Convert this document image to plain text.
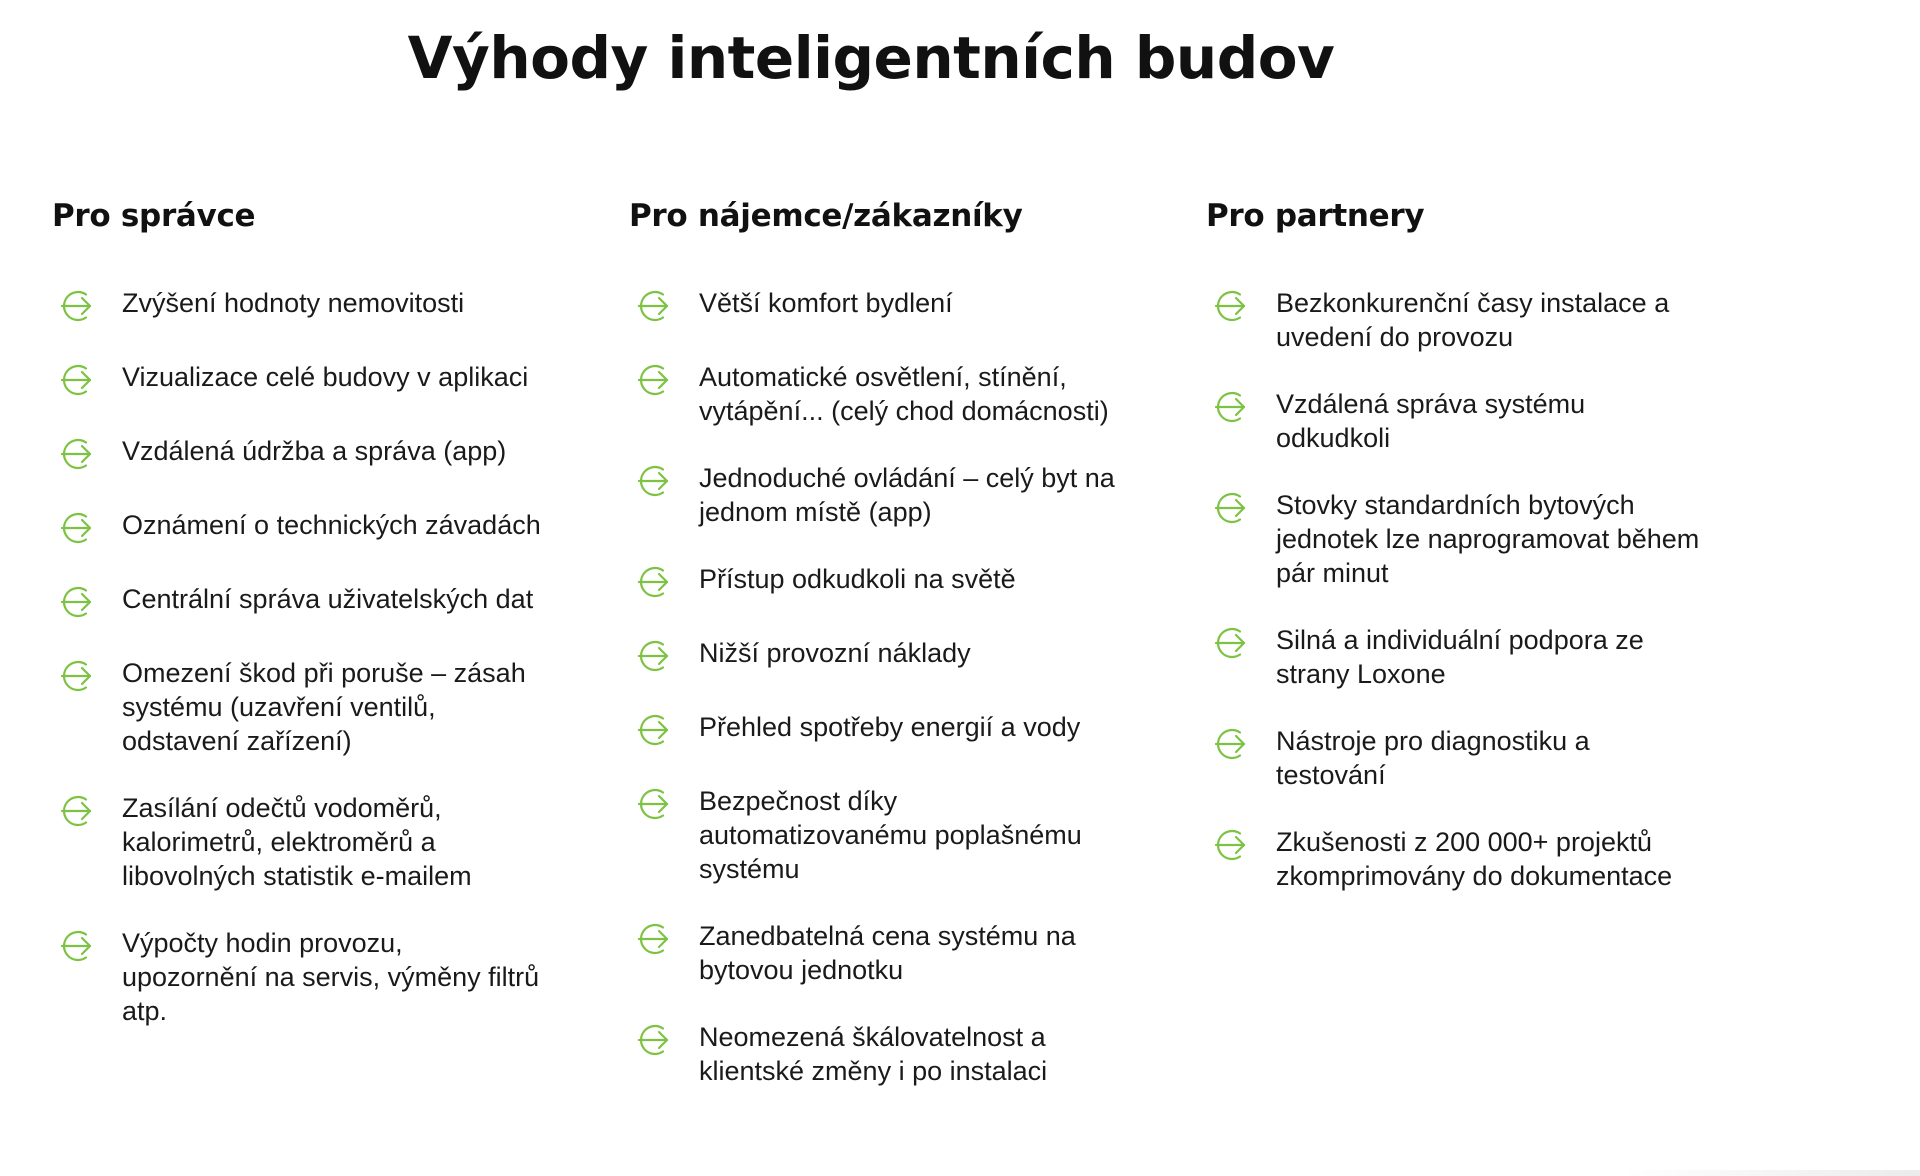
Výhody inteligentních budov
Pro správce
Zvýšení hodnoty nemovitosti
Vizualizace celé budovy v aplikaci
Vzdálená údržba a správa (app)
Oznámení o technických závadách
Centrální správa uživatelských dat
Omezení škod při poruše – zásah systému (uzavření ventilů, odstavení zařízení)
Zasílání odečtů vodoměrů, kalorimetrů, elektroměrů a libovolných statistik e-mailem
Výpočty hodin provozu, upozornění na servis, výměny filtrů atp.
Pro nájemce/zákazníky
Větší komfort bydlení
Automatické osvětlení, stínění, vytápění... (celý chod domácnosti)
Jednoduché ovládání – celý byt na jednom místě (app)
Přístup odkudkoli na světě
Nižší provozní náklady
Přehled spotřeby energií a vody
Bezpečnost díky automatizovanému poplašnému systému
Zanedbatelná cena systému na bytovou jednotku
Neomezená škálovatelnost a klientské změny i po instalaci
Pro partnery
Bezkonkurenční časy instalace a uvedení do provozu
Vzdálená správa systému odkudkoli
Stovky standardních bytových jednotek lze naprogramovat během pár minut
Silná a individuální podpora ze strany Loxone
Nástroje pro diagnostiku a testování
Zkušenosti z 200 000+ projektů zkomprimovány do dokumentace
